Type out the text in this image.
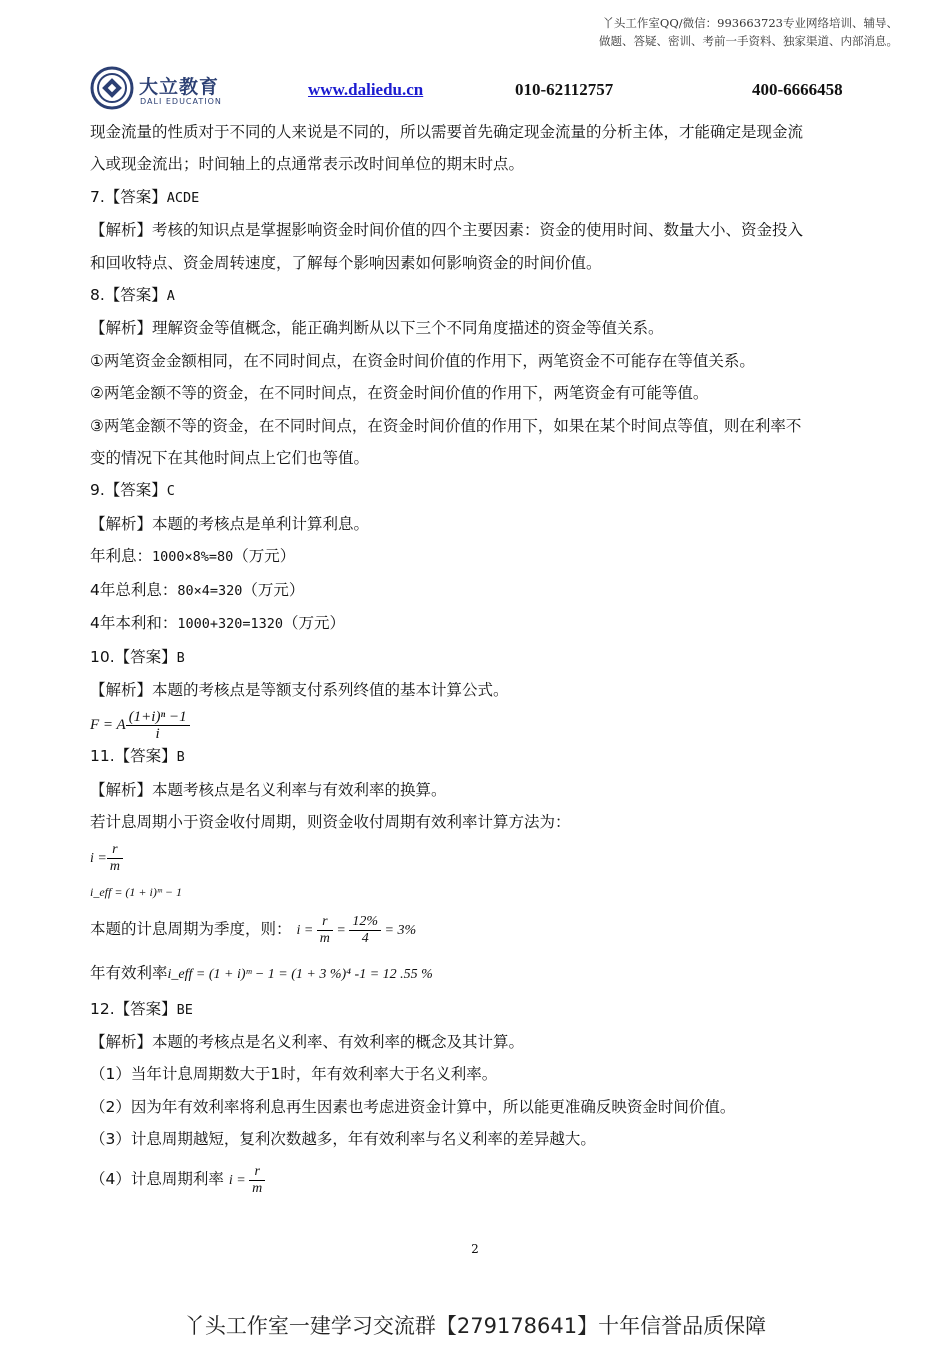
丫头工作室QQ/微信：993663723专业网络培训、辅导、
做题、答疑、密训、考前一手资料、独家渠道、内部消息。
大立教育
DALI EDUCATION
www.daliedu.cn	010-62112757	400-6666458

现金流量的性质对于不同的人来说是不同的，所以需要首先确定现金流量的分析主体，才能确定是现金流

入或现金流出；时间轴上的点通常表示改时间单位的期末时点。

7.【答案】ACDE

【解析】考核的知识点是掌握影响资金时间价值的四个主要因素：资金的使用时间、数量大小、资金投入

和回收特点、资金周转速度，了解每个影响因素如何影响资金的时间价值。

8.【答案】A

【解析】理解资金等值概念，能正确判断从以下三个不同角度描述的资金等值关系。

①两笔资金金额相同，在不同时间点，在资金时间价值的作用下，两笔资金不可能存在等值关系。

②两笔金额不等的资金，在不同时间点，在资金时间价值的作用下，两笔资金有可能等值。

③两笔金额不等的资金，在不同时间点，在资金时间价值的作用下，如果在某个时间点等值，则在利率不

变的情况下在其他时间点上它们也等值。

9.【答案】C

【解析】本题的考核点是单利计算利息。

年利息：1000×8%=80（万元）

4年总利息：80×4=320（万元）

4年本利和：1000+320=1320（万元）

10.【答案】B

【解析】本题的考核点是等额支付系列终值的基本计算公式。

F = A $\frac{\text{(1+i)ⁿ −1}}{i}$

11.【答案】B

【解析】本题考核点是名义利率与有效利率的换算。

若计息周期小于资金收付周期，则资金收付周期有效利率计算方法为：

$i = \frac{r}{m}$

i_eff = (1 + i)ᵐ − 1

本题的计息周期为季度，则： $i = \frac{r}{m} = \frac{12\%}{4} = 3\%$

年有效利率i_eff = (1 + i)ᵐ − 1 = (1 + 3 %)⁴ -1 = 12 .55 %

12.【答案】BE

【解析】本题的考核点是名义利率、有效利率的概念及其计算。

（1）当年计息周期数大于1时，年有效利率大于名义利率。

（2）因为年有效利率将利息再生因素也考虑进资金计算中，所以能更准确反映资金时间价值。

（3）计息周期越短，复利次数越多，年有效利率与名义利率的差异越大。

（4）计息周期利率 $i = \frac{r}{m}$

2
丫头工作室一建学习交流群【279178641】十年信誉品质保障
